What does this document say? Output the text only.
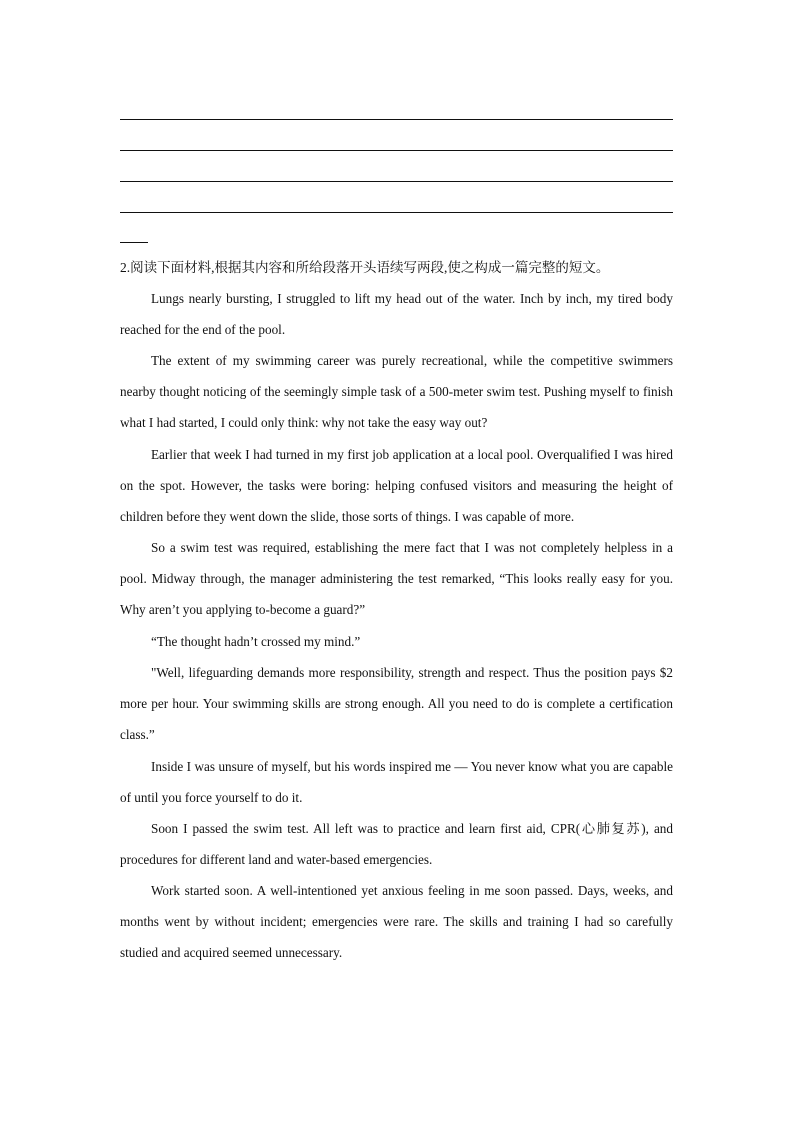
2.阅读下面材料,根据其内容和所给段落开头语续写两段,使之构成一篇完整的短文。

Lungs nearly bursting, I struggled to lift my head out of the water. Inch by inch, my tired body reached for the end of the pool.

The extent of my swimming career was purely recreational, while the competitive swimmers nearby thought noticing of the seemingly simple task of a 500-meter swim test. Pushing myself to finish what I had started, I could only think: why not take the easy way out?

Earlier that week I had turned in my first job application at a local pool. Overqualified I was hired on the spot. However, the tasks were boring: helping confused visitors and measuring the height of children before they went down the slide, those sorts of things. I was capable of more.

So a swim test was required, establishing the mere fact that I was not completely helpless in a pool. Midway through, the manager administering the test remarked, “This looks really easy for you. Why aren’t you applying to-become a guard?”

“The thought hadn’t crossed my mind.”

"Well, lifeguarding demands more responsibility, strength and respect. Thus the position pays $2 more per hour. Your swimming skills are strong enough. All you need to do is complete a certification class.”

Inside I was unsure of myself, but his words inspired me — You never know what you are capable of until you force yourself to do it.

Soon I passed the swim test. All left was to practice and learn first aid, CPR(心肺复苏), and procedures for different land and water-based emergencies.

Work started soon. A well-intentioned yet anxious feeling in me soon passed. Days, weeks, and months went by without incident; emergencies were rare. The skills and training I had so carefully studied and acquired seemed unnecessary.
